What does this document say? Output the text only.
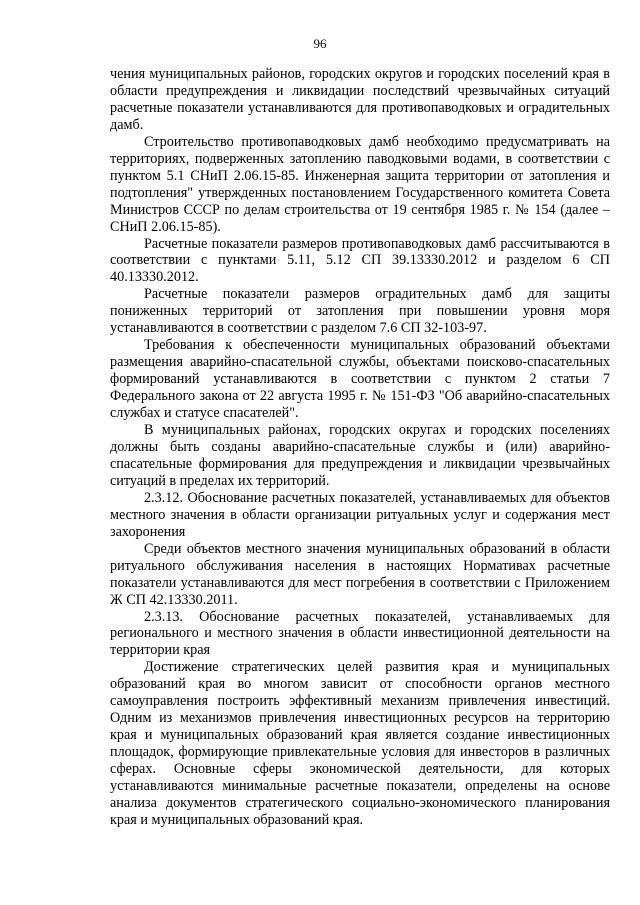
96

чения муниципальных районов, городских округов и городских поселений края в области предупреждения и ликвидации последствий чрезвычайных ситуаций расчетные показатели устанавливаются для противопаводковых и оградительных дамб.

Строительство противопаводковых дамб необходимо предусматривать на территориях, подверженных затоплению паводковыми водами, в соответствии с пунктом 5.1 СНиП 2.06.15-85. Инженерная защита территории от затопления и подтопления" утвержденных постановлением Государственного комитета Совета Министров СССР по делам строительства от 19 сентября 1985 г. № 154 (далее – СНиП 2.06.15-85).

Расчетные показатели размеров противопаводковых дамб рассчитываются в соответствии с пунктами 5.11, 5.12 СП 39.13330.2012 и разделом 6 СП 40.13330.2012.

Расчетные показатели размеров оградительных дамб для защиты пониженных территорий от затопления при повышении уровня моря устанавливаются в соответствии с разделом 7.6 СП 32-103-97.

Требования к обеспеченности муниципальных образований объектами размещения аварийно-спасательной службы, объектами поисково-спасательных формирований устанавливаются в соответствии с пунктом 2 статьи 7 Федерального закона от 22 августа 1995 г. № 151-ФЗ "Об аварийно-спасательных службах и статусе спасателей".

В муниципальных районах, городских округах и городских поселениях должны быть созданы аварийно-спасательные службы и (или) аварийно-спасательные формирования для предупреждения и ликвидации чрезвычайных ситуаций в пределах их территорий.

2.3.12. Обоснование расчетных показателей, устанавливаемых для объектов местного значения в области организации ритуальных услуг и содержания мест захоронения

Среди объектов местного значения муниципальных образований в области ритуального обслуживания населения в настоящих Нормативах расчетные показатели устанавливаются для мест погребения в соответствии с Приложением Ж СП 42.13330.2011.

2.3.13. Обоснование расчетных показателей, устанавливаемых для регионального и местного значения в области инвестиционной деятельности на территории края

Достижение стратегических целей развития края и муниципальных образований края во многом зависит от способности органов местного самоуправления построить эффективный механизм привлечения инвестиций. Одним из механизмов привлечения инвестиционных ресурсов на территорию края и муниципальных образований края является создание инвестиционных площадок, формирующие привлекательные условия для инвесторов в различных сферах. Основные сферы экономической деятельности, для которых устанавливаются минимальные расчетные показатели, определены на основе анализа документов стратегического социально-экономического планирования края и муниципальных образований края.
